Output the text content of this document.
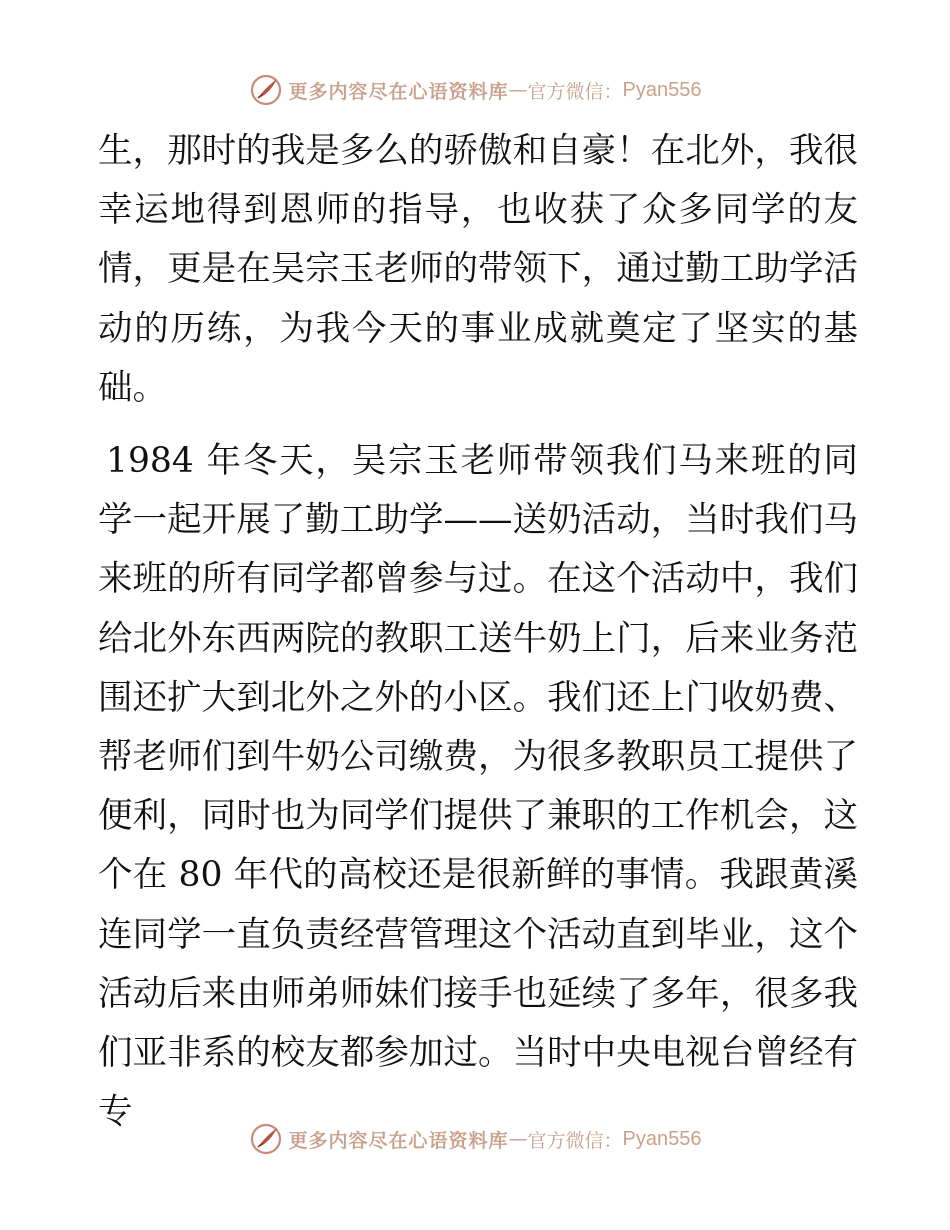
更多内容尽在心语资料库 — 官方微信： Pyan556

生，那时的我是多么的骄傲和自豪！在北外，我很幸运地得到恩师的指导，也收获了众多同学的友情，更是在吴宗玉老师的带领下，通过勤工助学活动的历练，为我今天的事业成就奠定了坚实的基础。

1984 年冬天，吴宗玉老师带领我们马来班的同学一起开展了勤工助学——送奶活动，当时我们马来班的所有同学都曾参与过。在这个活动中，我们给北外东西两院的教职工送牛奶上门，后来业务范围还扩大到北外之外的小区。我们还上门收奶费、帮老师们到牛奶公司缴费，为很多教职员工提供了便利，同时也为同学们提供了兼职的工作机会，这个在 80 年代的高校还是很新鲜的事情。我跟黄溪连同学一直负责经营管理这个活动直到毕业，这个活动后来由师弟师妹们接手也延续了多年，很多我们亚非系的校友都参加过。当时中央电视台曾经有专

更多内容尽在心语资料库 — 官方微信： Pyan556
